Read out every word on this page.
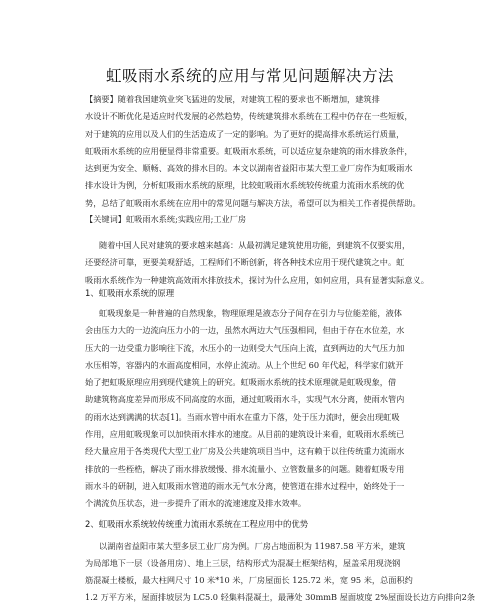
虹吸雨水系统的应用与常见问题解决方法
【摘要】随着我国建筑业突飞猛进的发展，对建筑工程的要求也不断增加，建筑排
水设计不断优化是适应时代发展的必然趋势，传统建筑排水系统在工程中仍存在一些短板，
对于建筑的应用以及人们的生活造成了一定的影响。为了更好的提高排水系统运行质量，
虹吸雨水系统的应用便显得非常重要。虹吸雨水系统，可以适应复杂建筑的雨水排放条件，
达到更为安全、顺畅、高效的排水目的。本文以湖南省益阳市某大型工业厂房作为虹吸雨水
排水设计为例，分析虹吸雨水系统的原理，比较虹吸雨水系统较传统重力流雨水系统的优
势，总结了虹吸雨水系统在应用中的常见问题与解决方法，希望可以为相关工作者提供帮助。
【关键词】虹吸雨水系统;实践应用;工业厂房
随着中国人民对建筑的要求越来越高：从最初满足建筑使用功能，到建筑不仅要实用，
还要经济可靠，更要美观舒适，工程师们不断创新，将各种技术应用于现代建筑之中。虹
吸雨水系统作为一种建筑高效雨水排放技术，探讨为什么应用，如何应用，具有显著实际意义。
1、虹吸雨水系统的原理
虹吸现象是一种普遍的自然现象，物理原理是液态分子间存在引力与位能差能，液体
会由压力大的一边流向压力小的一边，虽然水两边大气压强相同，但由于存在水位差，水
压大的一边受重力影响往下流，水压小的一边则受大气压向上流，直到两边的大气压力加
水压相等，容器内的水面高度相同，水停止流动。从上个世纪 60 年代起，科学家们就开
始了把虹吸原理应用到现代建筑上的研究。虹吸雨水系统的技术原理就是虹吸现象，借
助建筑物高度差异而形成不同高度的水面，通过虹吸雨水斗，实现气水分离，使雨水管内
的雨水达到满满的状态[1]。当雨水管中雨水在重力下落，处于压力流时，便会出现虹吸
作用，应用虹吸现象可以加快雨水排水的速度。从目前的建筑设计来看，虹吸雨水系统已
经大量应用于各类现代大型工业厂房及公共建筑项目当中，这有赖于以往传统重力流雨水
排放的一些桎梏，解决了雨水排放缓慢、排水流量小、立管数量多的问题。随着虹吸专用
雨水斗的研制，进入虹吸雨水管道的雨水无气水分离，使管道在排水过程中，始终处于一
个满流负压状态，进一步提升了雨水的流速速度及排水效率。
2、虹吸雨水系统较传统重力流雨水系统在工程应用中的优势
以湖南省益阳市某大型多层工业厂房为例。厂房占地面积为 11987.58 平方米，建筑
为局部地下一层（设备用房）、地上三层，结构形式为混凝土框架结构，屋盖采用现浇钢
筋混凝土楼板，最大柱网尺寸 10 米*10 米，厂房屋面长 125.72 米，宽 95 米，总面积约
1.2 万平方米，屋面排坡层为 LC5.0 轻集料混凝土，最薄处 30mmB 屋面坡度 2%屋面设长边方向排向2条
